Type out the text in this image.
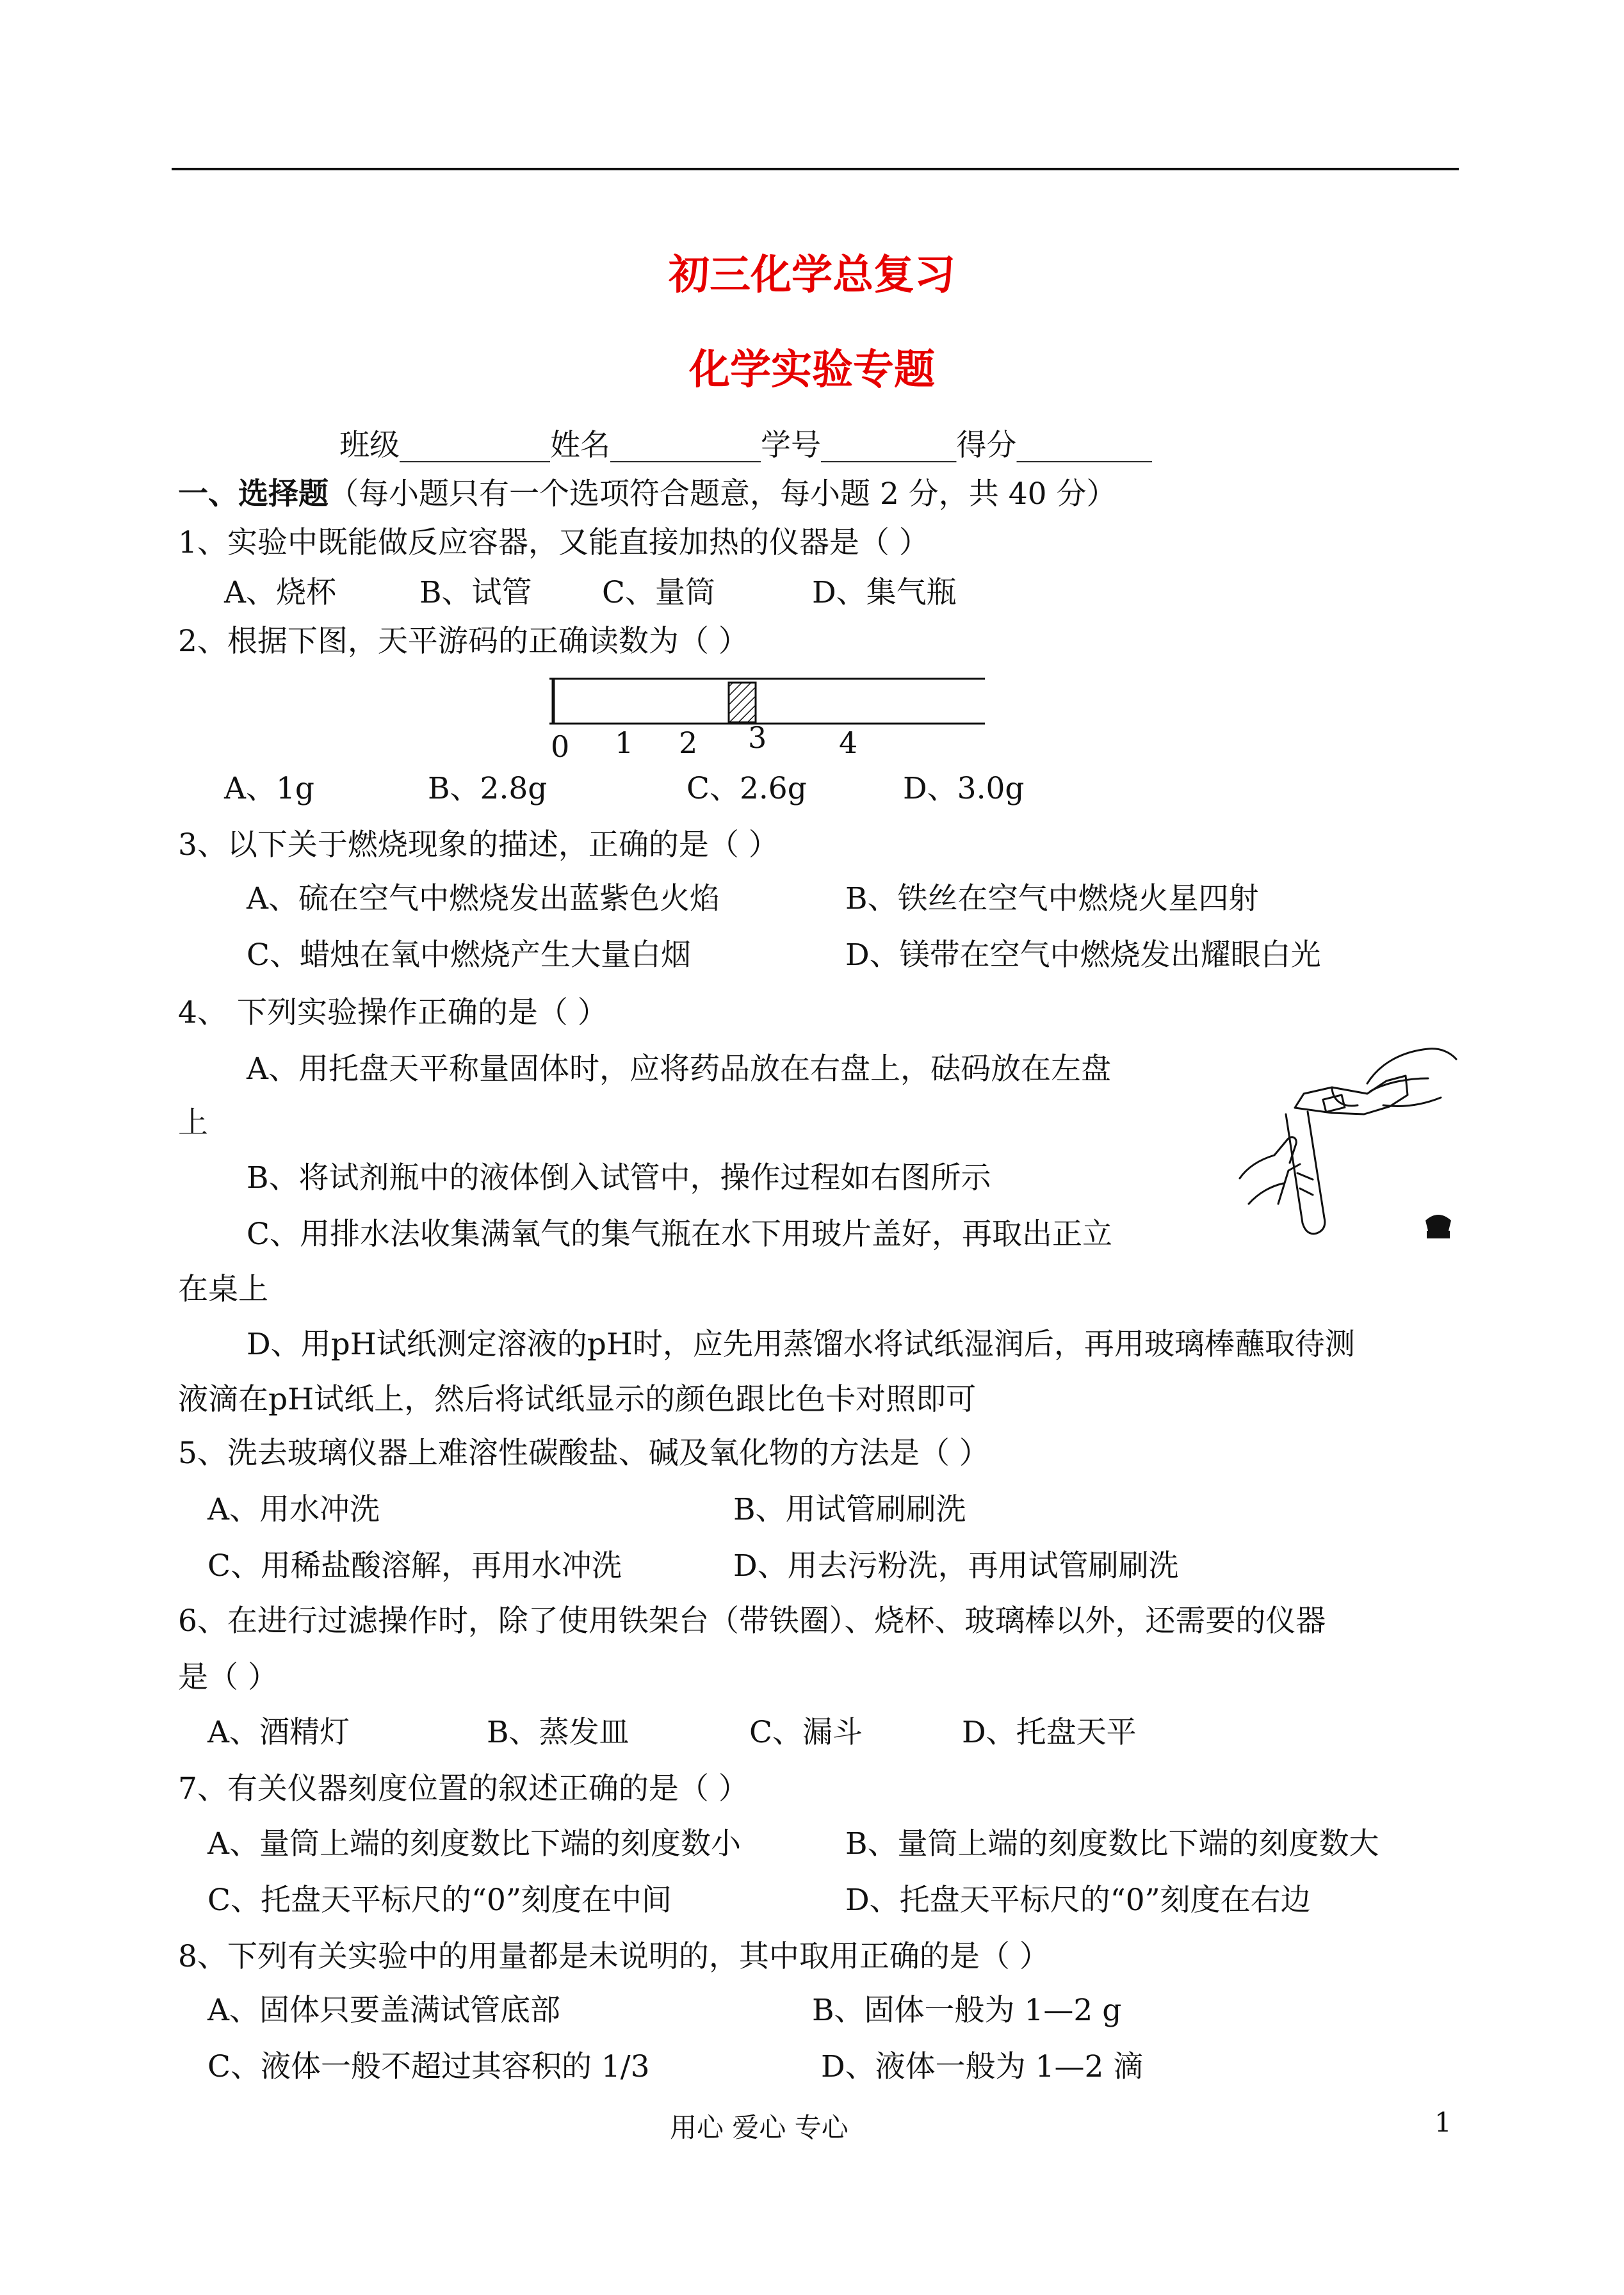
初三化学总复习
化学实验专题
班级__________姓名__________学号_________得分_________
一、选择题（每小题只有一个选项符合题意，每小题 2 分，共 40 分）
1、实验中既能做反应容器，又能直接加热的仪器是（ ）
A、烧杯	B、试管 C、量筒	D、集气瓶
2、根据下图，天平游码的正确读数为（ ）
0 1 2 3 4
A、1g	B、2.8g	C、2.6g	D、3.0g
3、以下关于燃烧现象的描述，正确的是（ ）
A、硫在空气中燃烧发出蓝紫色火焰	B、铁丝在空气中燃烧火星四射
C、蜡烛在氧中燃烧产生大量白烟	D、镁带在空气中燃烧发出耀眼白光
4、 下列实验操作正确的是（ ）
A、用托盘天平称量固体时，应将药品放在右盘上，砝码放在左盘
上
B、将试剂瓶中的液体倒入试管中，操作过程如右图所示
C、用排水法收集满氧气的集气瓶在水下用玻片盖好，再取出正立
在桌上
D、用pH试纸测定溶液的pH时，应先用蒸馏水将试纸湿润后，再用玻璃棒蘸取待测
液滴在pH试纸上，然后将试纸显示的颜色跟比色卡对照即可
5、洗去玻璃仪器上难溶性碳酸盐、碱及氧化物的方法是（ ）
A、用水冲洗	B、用试管刷刷洗
C、用稀盐酸溶解，再用水冲洗	D、用去污粉洗，再用试管刷刷洗
6、在进行过滤操作时，除了使用铁架台（带铁圈）、烧杯、玻璃棒以外，还需要的仪器
是（ ）
A、酒精灯	B、蒸发皿	C、漏斗	D、托盘天平
7、有关仪器刻度位置的叙述正确的是（ ）
A、量筒上端的刻度数比下端的刻度数小	B、量筒上端的刻度数比下端的刻度数大
C、托盘天平标尺的“0”刻度在中间	D、托盘天平标尺的“0”刻度在右边
8、下列有关实验中的用量都是未说明的，其中取用正确的是（ ）
A、固体只要盖满试管底部	B、固体一般为 1—2 g
C、液体一般不超过其容积的 1/3	D、液体一般为 1—2 滴
用心 爱心 专心	1
